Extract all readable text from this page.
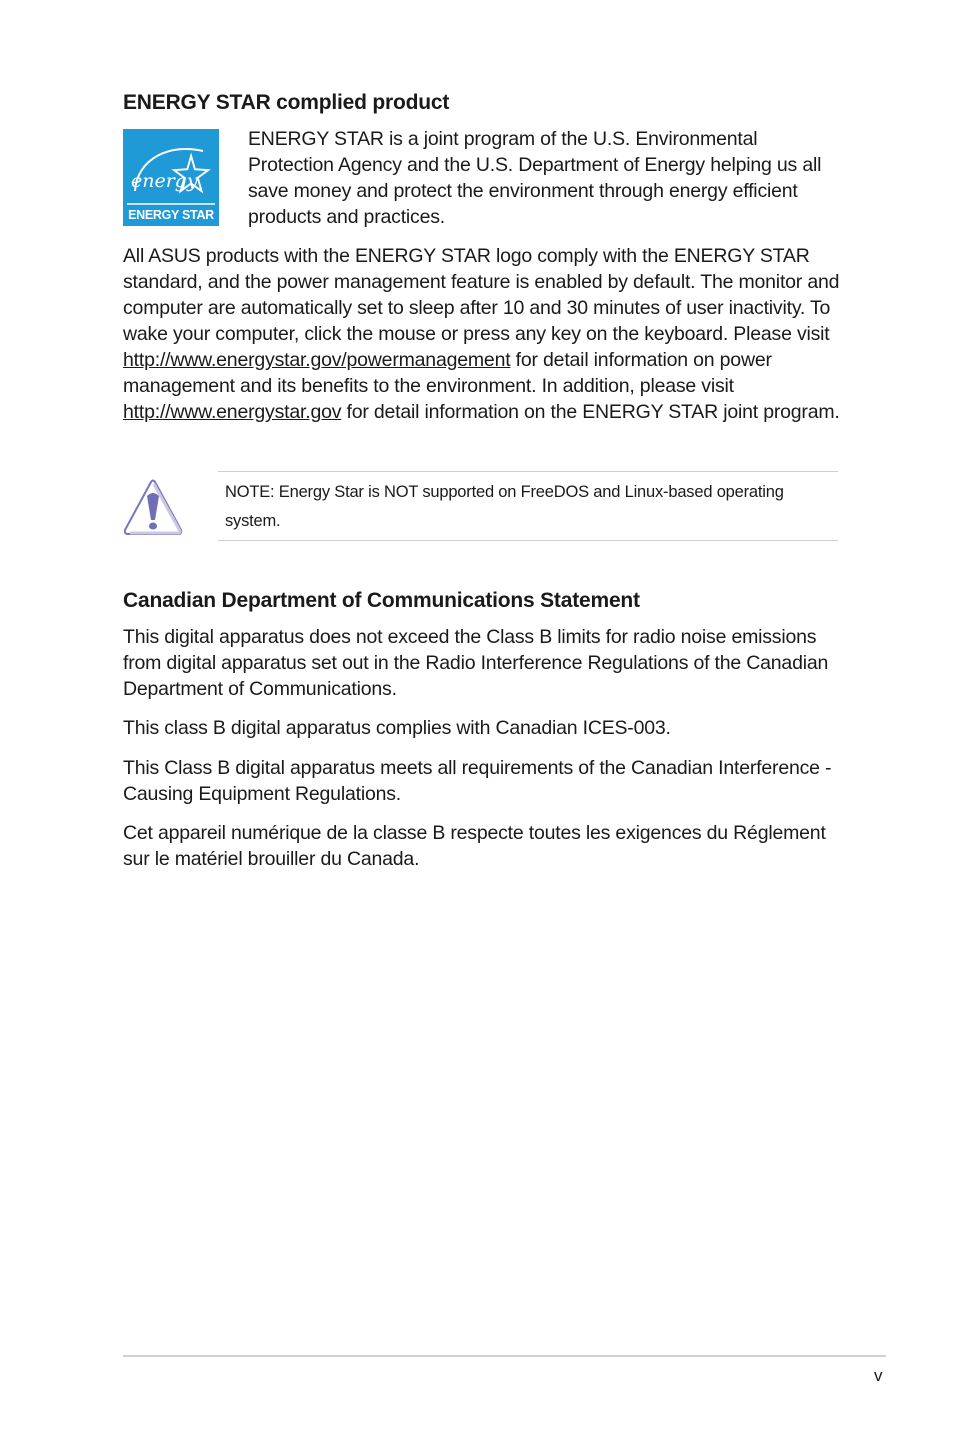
ENERGY STAR complied product
energy
ENERGY STAR

ENERGY STAR is a joint program of the U.S. Environmental Protection Agency and the U.S. Department of Energy helping us all save money and protect the environment through energy efficient products and practices.

All ASUS products with the ENERGY STAR logo comply with the ENERGY STAR standard, and the power management feature is enabled by default. The monitor and computer are automatically set to sleep after 10 and 30 minutes of user inactivity. To wake your computer, click the mouse or press any key on the keyboard. Please visit http://www.energystar.gov/powermanagement for detail information on power management and its benefits to the environment. In addition, please visit http://www.energystar.gov for detail information on the ENERGY STAR joint program.

NOTE: Energy Star is NOT supported on FreeDOS and Linux-based operating system.

Canadian Department of Communications Statement

This digital apparatus does not exceed the Class B limits for radio noise emissions from digital apparatus set out in the Radio Interference Regulations of the Canadian Department of Communications.

This class B digital apparatus complies with Canadian ICES-003.

This Class B digital apparatus meets all requirements of the Canadian Interference - Causing Equipment Regulations.

Cet appareil numérique de la classe B respecte toutes les exigences du Réglement sur le matériel brouiller du Canada.

v
